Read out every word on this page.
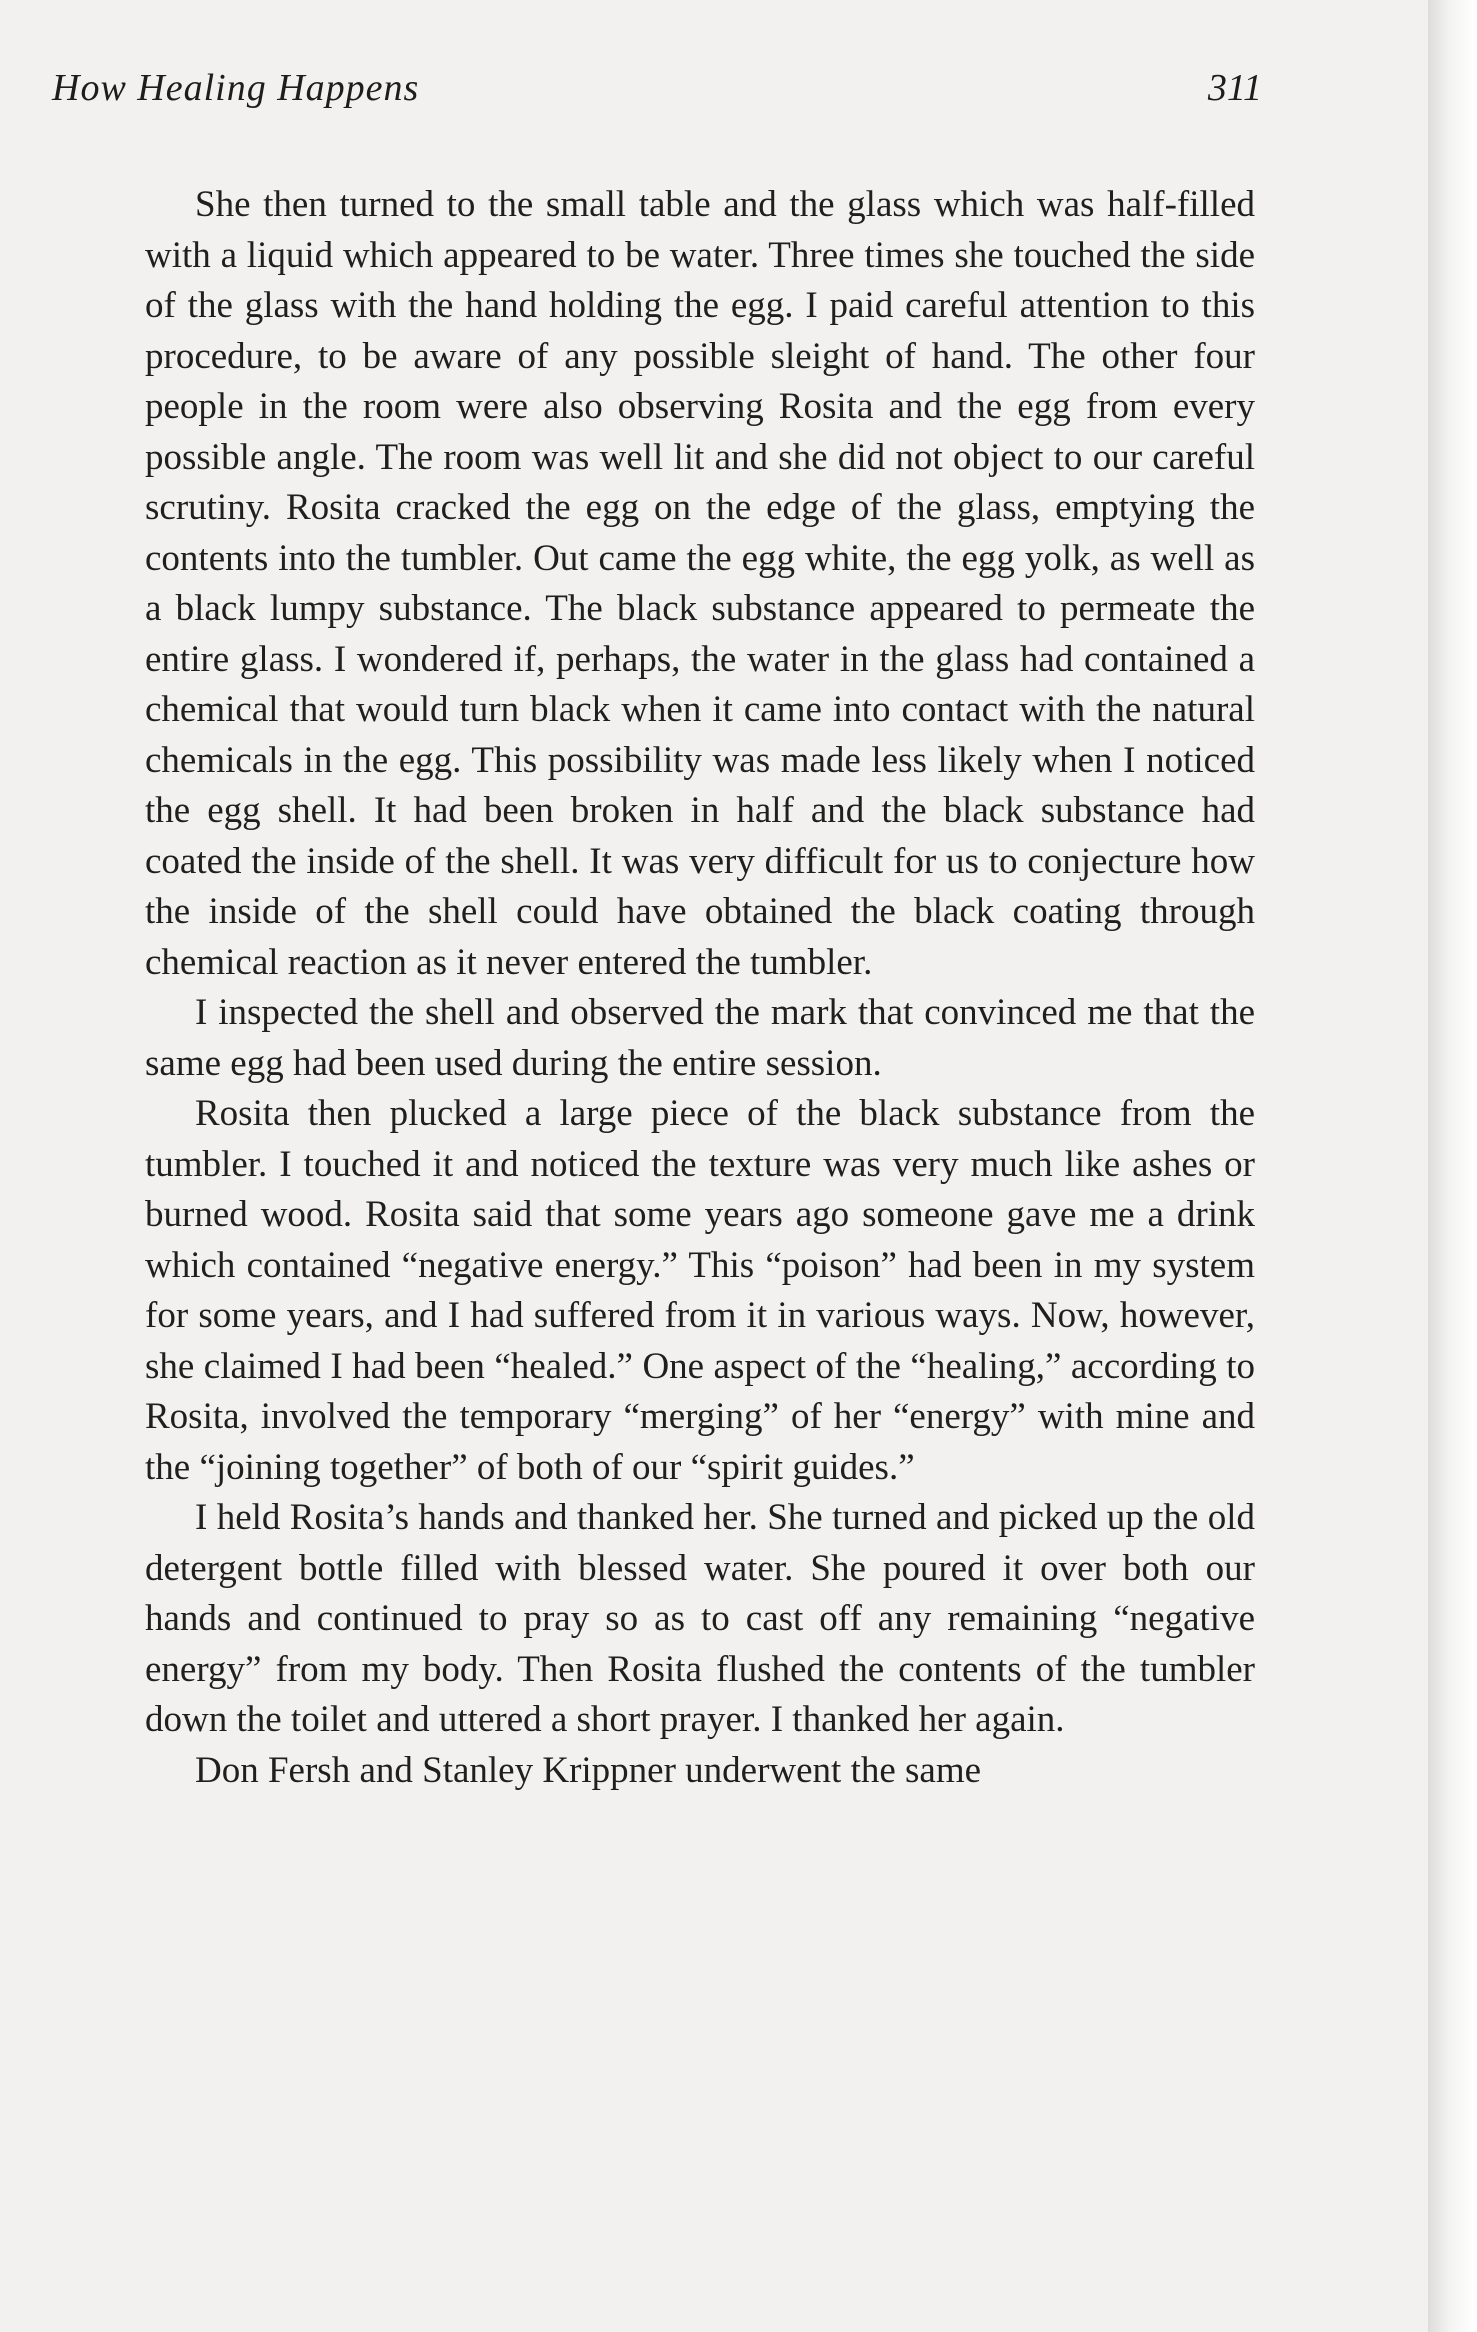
How Healing Happens	311

She then turned to the small table and the glass which was half-filled with a liquid which appeared to be water. Three times she touched the side of the glass with the hand holding the egg. I paid careful attention to this procedure, to be aware of any possible sleight of hand. The other four people in the room were also observing Rosita and the egg from every possible angle. The room was well lit and she did not object to our careful scrutiny. Rosita cracked the egg on the edge of the glass, emptying the contents into the tumbler. Out came the egg white, the egg yolk, as well as a black lumpy substance. The black substance appeared to permeate the entire glass. I wondered if, perhaps, the water in the glass had contained a chemical that would turn black when it came into contact with the natural chemicals in the egg. This possibility was made less likely when I noticed the egg shell. It had been broken in half and the black substance had coated the inside of the shell. It was very difficult for us to conjecture how the inside of the shell could have obtained the black coating through chemical reaction as it never entered the tumbler.

I inspected the shell and observed the mark that convinced me that the same egg had been used during the entire session.

Rosita then plucked a large piece of the black substance from the tumbler. I touched it and noticed the texture was very much like ashes or burned wood. Rosita said that some years ago someone gave me a drink which contained “negative energy.” This “poison” had been in my system for some years, and I had suffered from it in various ways. Now, however, she claimed I had been “healed.” One aspect of the “healing,” according to Rosita, involved the temporary “merging” of her “energy” with mine and the “joining together” of both of our “spirit guides.”

I held Rosita’s hands and thanked her. She turned and picked up the old detergent bottle filled with blessed water. She poured it over both our hands and continued to pray so as to cast off any remaining “negative energy” from my body. Then Rosita flushed the contents of the tumbler down the toilet and uttered a short prayer. I thanked her again.

Don Fersh and Stanley Krippner underwent the same
